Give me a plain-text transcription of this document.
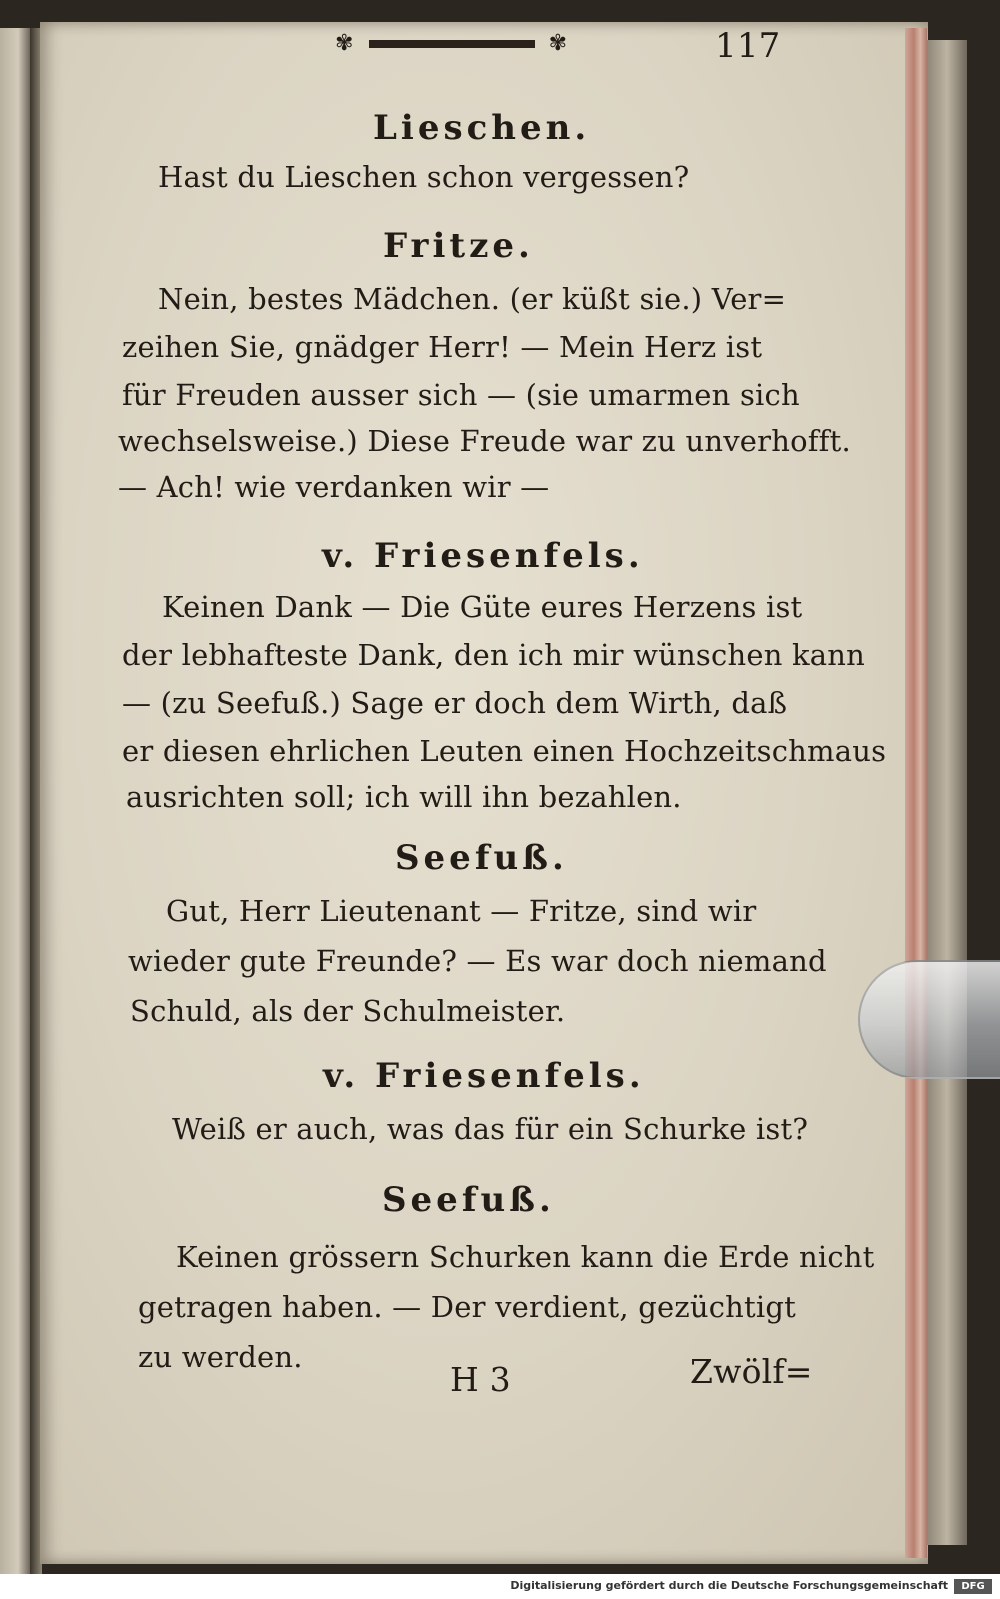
✾	✾	117
Lieschen.
Hast du Lieschen schon vergessen?
Fritze.
Nein, bestes Mädchen. (er küßt sie.) Ver=
zeihen Sie, gnädger Herr! — Mein Herz ist
für Freuden ausser sich — (sie umarmen sich
wechselsweise.) Diese Freude war zu unverhofft.
— Ach! wie verdanken wir —
v. Friesenfels.
Keinen Dank — Die Güte eures Herzens ist
der lebhafteste Dank, den ich mir wünschen kann
— (zu Seefuß.) Sage er doch dem Wirth, daß
er diesen ehrlichen Leuten einen Hochzeitschmaus
ausrichten soll; ich will ihn bezahlen.
Seefuß.
Gut, Herr Lieutenant — Fritze, sind wir
wieder gute Freunde? — Es war doch niemand
Schuld, als der Schulmeister.
v. Friesenfels.
Weiß er auch, was das für ein Schurke ist?
Seefuß.
Keinen grössern Schurken kann die Erde nicht
getragen haben. — Der verdient, gezüchtigt
zu werden.
H 3	Zwölf=
Digitalisierung gefördert durch die Deutsche Forschungsgemeinschaft	DFG
